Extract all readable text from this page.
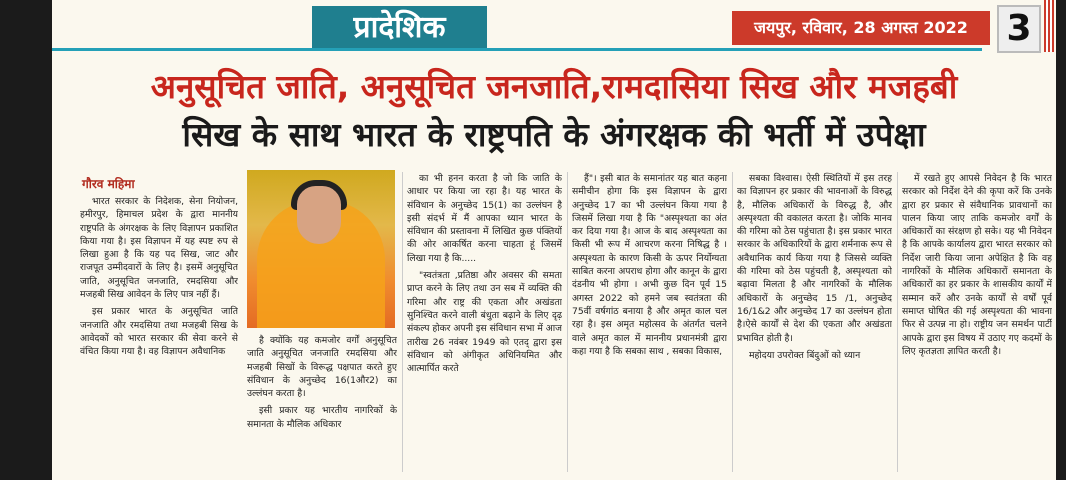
प्रादेशिक	जयपुर, रविवार, 28 अगस्त 2022	3
अनुसूचित जाति, अनुसूचित जनजाति,रामदासिया सिख और मजहबी
सिख के साथ भारत के राष्ट्रपति के अंगरक्षक की भर्ती में उपेक्षा
गौरव महिमा

भारत सरकार के निदेशक, सेना नियोजन, हमीरपुर, हिमाचल प्रदेश के द्वारा माननीय राष्ट्रपति के अंगरक्षक के लिए विज्ञापन प्रकाशित किया गया है। इस विज्ञापन में यह स्पष्ट रुप से लिखा हुआ है कि यह पद सिख, जाट और राजपूत उम्मीदवारों के लिए है। इसमें अनुसूचित जाति, अनुसूचित जनजाति, रमदसिया और मजहबी सिख आवेदन के लिए पात्र नहीं हैं।

इस प्रकार भारत के अनुसूचित जाति जनजाति और रमदसिया तथा मजहबी सिख के आवेदकों को भारत सरकार की सेवा करने से वंचित किया गया है। वह विज्ञापन अवैधानिक

है क्योंकि यह कमजोर वर्गों अनुसूचित जाति अनुसूचित जनजाति रमदसिया और मजहबी सिखों के विरूद्ध पक्षपात करते हुए संविधान के अनुच्छेद 16(1और2) का उल्लंघन करता है।

इसी प्रकार यह भारतीय नागरिकों के समानता के मौलिक अधिकार

का भी हनन करता है जो कि जाति के आधार पर किया जा रहा है। यह भारत के संविधान के अनुच्छेद 15(1) का उल्लंघन है इसी संदर्भ में मैं आपका ध्यान भारत के संविधान की प्रस्तावना में लिखित कुछ पंक्तियों की ओर आकर्षित करना चाहता हूं जिसमें लिखा गया है कि.....

"स्वतंत्रता ,प्रतिष्ठा और अवसर की समता प्राप्त करने के लिए तथा उन सब में व्यक्ति की गरिमा और राष्ट्र की एकता और अखंडता सुनिश्चित करने वाली बंधुता बढ़ाने के लिए दृढ़ संकल्प होकर अपनी इस संविधान सभा में आज तारीख 26 नवंबर 1949 को एतद् द्वारा इस संविधान को अंगीकृत अधिनियमित और आत्मार्पित करते

हैं"। इसी बात के समानांतर यह बात कहना समीचीन होगा कि इस विज्ञापन के द्वारा अनुच्छेद 17 का भी उल्लंघन किया गया है जिसमें लिखा गया है कि "अस्पृश्यता का अंत कर दिया गया है। आज के बाद अस्पृश्यता का किसी भी रूप में आचरण करना निषिद्ध है । अस्पृश्यता के कारण किसी के ऊपर निर्योग्यता साबित करना अपराध होगा और कानून के द्वारा दंडनीय भी होगा । अभी कुछ दिन पूर्व 15 अगस्त 2022 को हमने जब स्वतंत्रता की 75वीं वर्षगांठ बनाया है और अमृत काल चल रहा है। इस अमृत महोत्सव के अंतर्गत चलने वाले अमृत काल में माननीय प्रधानमंत्री द्वारा कहा गया है कि सबका साथ , सबका विकास,

सबका विश्वास। ऐसी स्थितियों में इस तरह का विज्ञापन हर प्रकार की भावनाओं के विरुद्ध है, मौलिक अधिकारों के विरुद्ध है, और अस्पृश्यता की वकालत करता है। जोकि मानव की गरिमा को ठेस पहुंचाता है। इस प्रकार भारत सरकार के अधिकारियों के द्वारा शर्मनाक रूप से अवैधानिक कार्य किया गया है जिससे व्यक्ति की गरिमा को ठेस पहुंचती है, अस्पृश्यता को बढ़ावा मिलता है और नागरिकों के मौलिक अधिकारों के अनुच्छेद 15 /1, अनुच्छेद 16/1&2 और अनुच्छेद 17 का उल्लंघन होता है।ऐसे कार्यों से देश की एकता और अखंडता प्रभावित होती है।

महोदया उपरोक्त बिंदुओं को ध्यान

में रखते हुए आपसे निवेदन है कि भारत सरकार को निर्देश देने की कृपा करें कि उनके द्वारा हर प्रकार से संवैधानिक प्रावधानों का पालन किया जाए ताकि कमजोर वर्गों के अधिकारों का संरक्षण हो सके। यह भी निवेदन है कि आपके कार्यालय द्वारा भारत सरकार को निर्देश जारी किया जाना अपेक्षित है कि वह नागरिकों के मौलिक अधिकारों समानता के अधिकारों का हर प्रकार के शासकीय कार्यों में सम्मान करें और उनके कार्यों से वर्षों पूर्व समाप्त घोषित की गई अस्पृश्यता की भावना फिर से उत्पन्न ना हो। राष्ट्रीय जन समर्थन पार्टी आपके द्वारा इस विषय में उठाए गए कदमों के लिए कृतज्ञता ज्ञापित करती है।
